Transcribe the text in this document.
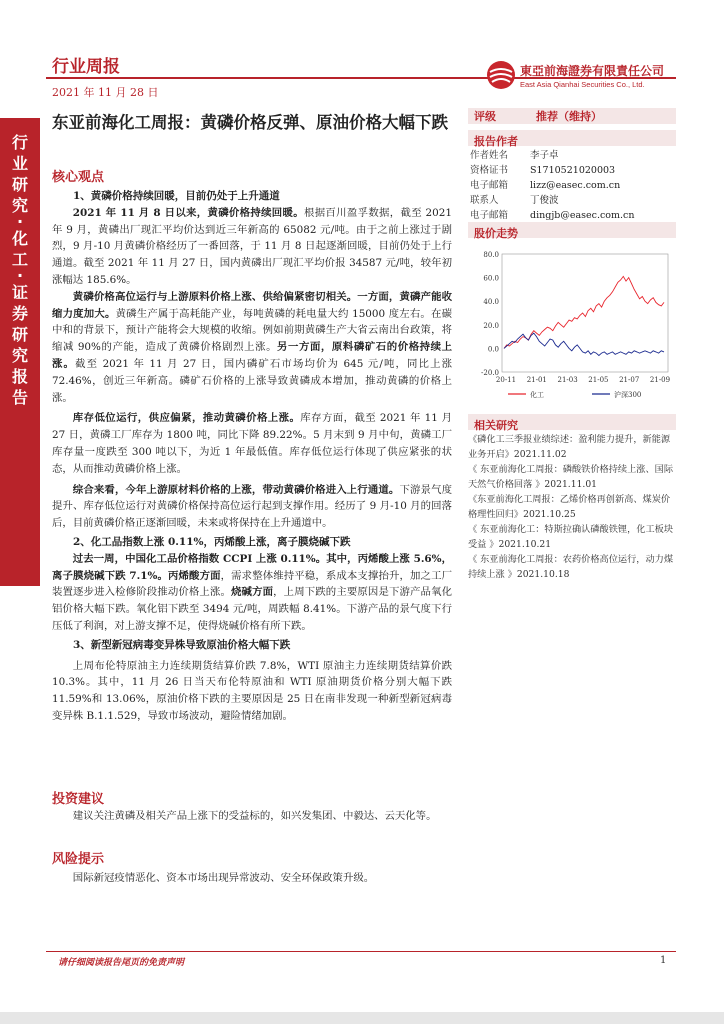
行
业
研
究
·
化
工
·
证
券
研
究
报
告
行业周报
2021 年 11 月 28 日
東亞前海證券有限責任公司
East Asia Qianhai Securities Co., Ltd.
东亚前海化工周报：黄磷价格反弹、原油价格大幅下跌
核心观点

1、黄磷价格持续回暖，目前仍处于上升通道

2021 年 11 月 8 日以来，黄磷价格持续回暖。根据百川盈孚数据，截至 2021 年 9 月，黄磷出厂现汇平均价达到近三年新高的 65082 元/吨。由于之前上涨过于剧烈，9 月-10 月黄磷价格经历了一番回落，于 11 月 8 日起逐渐回暖，目前仍处于上行通道。截至 2021 年 11 月 27 日，国内黄磷出厂现汇平均价报 34587 元/吨，较年初涨幅达 185.6%。

黄磷价格高位运行与上游原料价格上涨、供给偏紧密切相关。一方面，黄磷产能收缩力度加大。黄磷生产属于高耗能产业，每吨黄磷的耗电量大约 15000 度左右。在碳中和的背景下，预计产能将会大规模的收缩。例如前期黄磷生产大省云南出台政策，将缩减 90%的产能，造成了黄磷价格剧烈上涨。另一方面，原料磷矿石的价格持续上涨。截至 2021 年 11 月 27 日，国内磷矿石市场均价为 645 元/吨，同比上涨 72.46%，创近三年新高。磷矿石价格的上涨导致黄磷成本增加，推动黄磷的价格上涨。

库存低位运行，供应偏紧，推动黄磷价格上涨。库存方面，截至 2021 年 11 月 27 日，黄磷工厂库存为 1800 吨，同比下降 89.22%。5 月末到 9 月中旬，黄磷工厂库存量一度跌至 300 吨以下，为近 1 年最低值。库存低位运行体现了供应紧张的状态，从而推动黄磷价格上涨。

综合来看，今年上游原材料价格的上涨，带动黄磷价格进入上行通道。下游景气度提升、库存低位运行对黄磷价格保持高位运行起到支撑作用。经历了 9 月-10 月的回落后，目前黄磷价格正逐渐回暖，未来或将保持在上升通道中。

2、化工品指数上涨 0.11%，丙烯酸上涨，离子膜烧碱下跌

过去一周，中国化工品价格指数 CCPI 上涨 0.11%。其中，丙烯酸上涨 5.6%，离子膜烧碱下跌 7.1%。丙烯酸方面，需求整体维持平稳，系成本支撑抬升，加之工厂装置逐步进入检修阶段推动价格上涨。烧碱方面，上周下跌的主要原因是下游产品氧化铝价格大幅下跌。氧化铝下跌至 3494 元/吨，周跌幅 8.41%。下游产品的景气度下行压低了利润，对上游支撑不足，使得烧碱价格有所下跌。

3、新型新冠病毒变异株导致原油价格大幅下跌

上周布伦特原油主力连续期货结算价跌 7.8%，WTI 原油主力连续期货结算价跌 10.3%。其中，11 月 26 日当天布伦特原油和 WTI 原油期货价格分别大幅下跌 11.59%和 13.06%，原油价格下跌的主要原因是 25 日在南非发现一种新型新冠病毒变异株 B.1.1.529，导致市场波动，避险情绪加剧。

投资建议

建议关注黄磷及相关产品上涨下的受益标的，如兴发集团、中毅达、云天化等。

风险提示

国际新冠疫情恶化、资本市场出现异常波动、安全环保政策升级。

评级	推荐（维持）
报告作者
作者姓名 李子卓
资格证书 S1710521020003
电子邮箱 lizz@easec.com.cn
联系人	丁俊波
电子邮箱 dingjb@easec.com.cn
股价走势
80.0
60.0
40.0
20.0
0.0
-20.0
20-11 21-01 21-03 21-05 21-07 21-09
化工	沪深300
相关研究
《磷化工三季报业绩综述：盈利能力提升，新能源业务开启》2021.11.02
《 东亚前海化工周报：磷酸铁价格持续上涨、国际天然气价格回落 》2021.11.01
《东亚前海化工周报：乙烯价格再创新高、煤炭价格理性回归》2021.10.25
《 东亚前海化工：特斯拉确认磷酸铁锂，化工板块受益 》2021.10.21
《 东亚前海化工周报：农药价格高位运行，动力煤持续上涨 》2021.10.18
请仔细阅读报告尾页的免责声明	1
